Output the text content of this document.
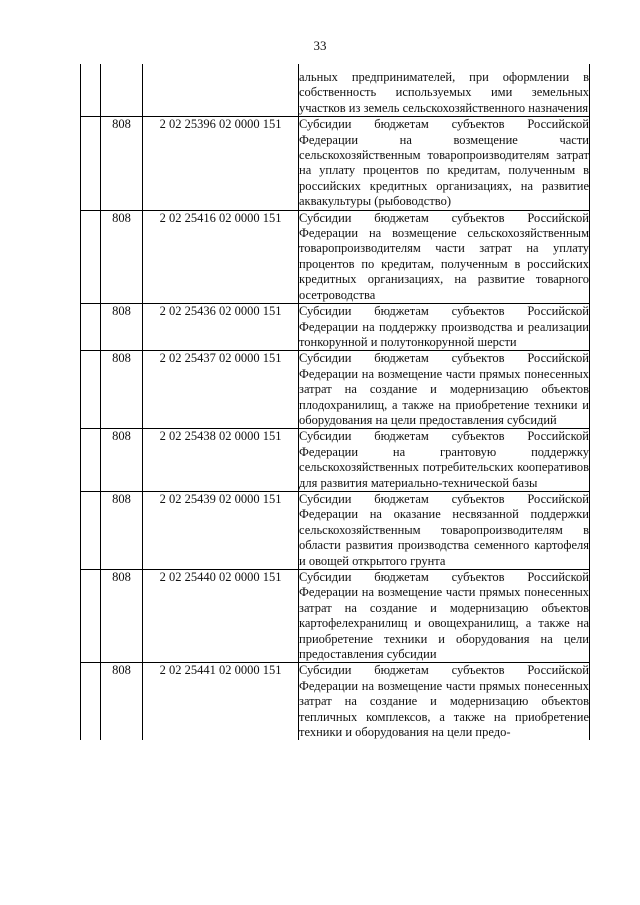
33
			альных предпринимателей, при оформлении в собственность используемых ими земельных участков из земель сельскохозяйственного назначения
	808	2 02 25396 02 0000 151	Субсидии бюджетам субъектов Российской Федерации на возмещение части сельскохозяйственным товаропроизводителям затрат на уплату процентов по кредитам, полученным в российских кредитных организациях, на развитие аквакультуры (рыбоводство)
	808	2 02 25416 02 0000 151	Субсидии бюджетам субъектов Российской Федерации на возмещение сельскохозяйственным товаропроизводителям части затрат на уплату процентов по кредитам, полученным в российских кредитных организациях, на развитие товарного осетроводства
	808	2 02 25436 02 0000 151	Субсидии бюджетам субъектов Российской Федерации на поддержку производства и реализации тонкорунной и полутонкорунной шерсти
	808	2 02 25437 02 0000 151	Субсидии бюджетам субъектов Российской Федерации на возмещение части прямых понесенных затрат на создание и модернизацию объектов плодохранилищ, а также на приобретение техники и оборудования на цели предоставления субсидий
	808	2 02 25438 02 0000 151	Субсидии бюджетам субъектов Российской Федерации на грантовую поддержку сельскохозяйственных потребительских кооперативов для развития материально-технической базы
	808	2 02 25439 02 0000 151	Субсидии бюджетам субъектов Российской Федерации на оказание несвязанной поддержки сельскохозяйственным товаропроизводителям в области развития производства семенного картофеля и овощей открытого грунта
	808	2 02 25440 02 0000 151	Субсидии бюджетам субъектов Российской Федерации на возмещение части прямых понесенных затрат на создание и модернизацию объектов картофелехранилищ и овощехранилищ, а также на приобретение техники и оборудования на цели предоставления субсидии
	808	2 02 25441 02 0000 151	Субсидии бюджетам субъектов Российской Федерации на возмещение части прямых понесенных затрат на создание и модернизацию объектов тепличных комплексов, а также на приобретение техники и оборудования на цели предо-
